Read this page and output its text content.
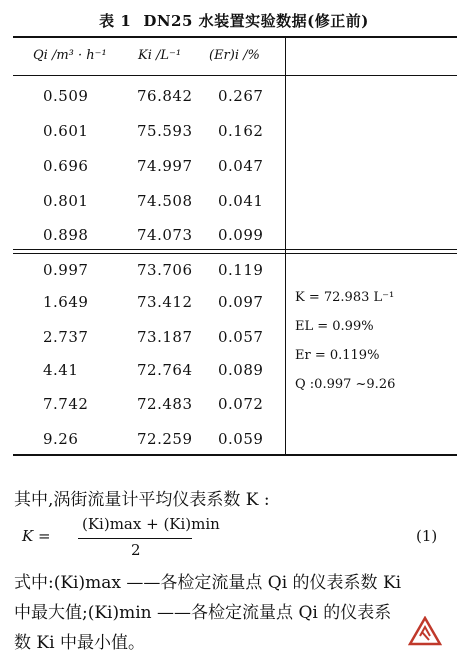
表 1 DN25 水装置实验数据(修正前)
Qi /m³ · h⁻¹ Ki /L⁻¹ (Er)i /%
0.509	76.842 0.267
0.601	75.593 0.162
0.696	74.997 0.047
0.801	74.508 0.041
0.898	74.073 0.099
0.997	73.706 0.119
1.649	73.412 0.097
2.737	73.187 0.057
4.41	72.764 0.089
7.742	72.483 0.072
9.26	72.259 0.059
K = 72.983 L⁻¹
EL = 0.99%
Er = 0.119%
Q :0.997 ~9.26
其中,涡街流量计平均仪表系数 K :
K =
(Ki)max + (Ki)min
2
(1)
式中:(Ki)max ——各检定流量点 Qi 的仪表系数 Ki
中最大值;(Ki)min ——各检定流量点 Qi 的仪表系
数 Ki 中最小值。
